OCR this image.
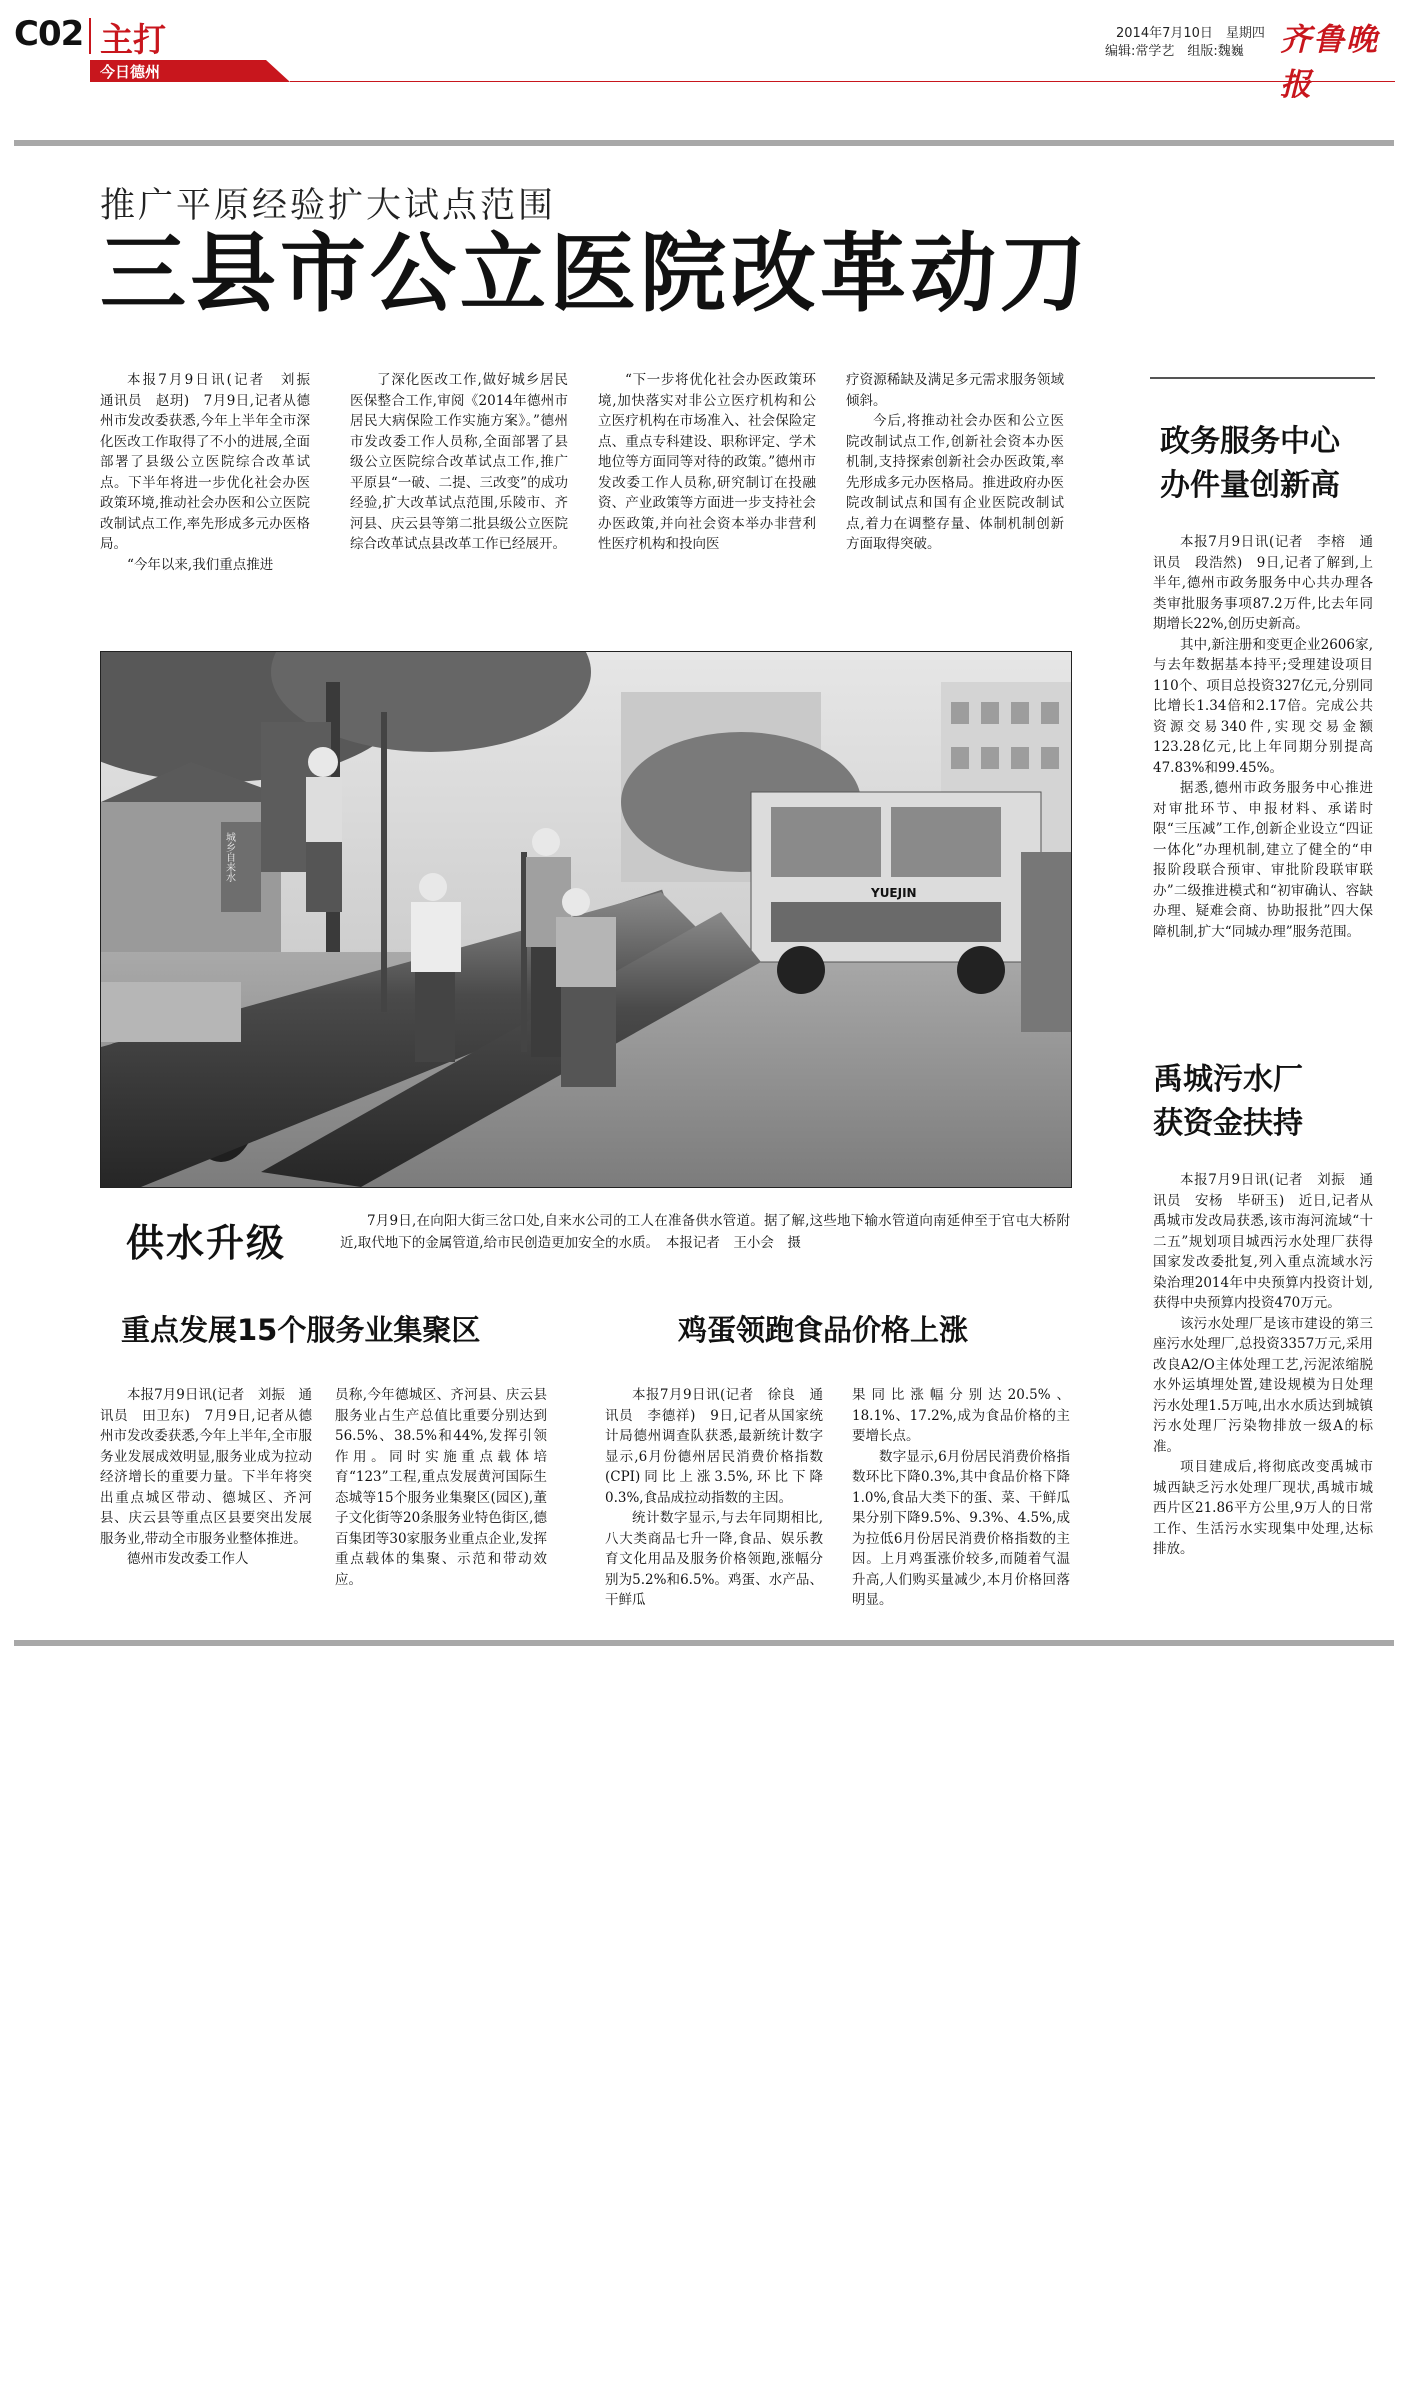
C02 主打
今日德州
2014年7月10日　星期四
编辑:常学艺　组版:魏巍 齐鲁晚报
推广平原经验扩大试点范围
三县市公立医院改革动刀

本报7月9日讯(记者　刘振　通讯员　赵玥)　7月9日,记者从德州市发改委获悉,今年上半年全市深化医改工作取得了不小的进展,全面部署了县级公立医院综合改革试点。下半年将进一步优化社会办医政策环境,推动社会办医和公立医院改制试点工作,率先形成多元办医格局。

“今年以来,我们重点推进

了深化医改工作,做好城乡居民医保整合工作,审阅《2014年德州市居民大病保险工作实施方案》。”德州市发改委工作人员称,全面部署了县级公立医院综合改革试点工作,推广平原县“一破、二提、三改变”的成功经验,扩大改革试点范围,乐陵市、齐河县、庆云县等第二批县级公立医院综合改革试点县改革工作已经展开。

“下一步将优化社会办医政策环境,加快落实对非公立医疗机构和公立医疗机构在市场准入、社会保险定点、重点专科建设、职称评定、学术地位等方面同等对待的政策。”德州市发改委工作人员称,研究制订在投融资、产业政策等方面进一步支持社会办医政策,并向社会资本举办非营利性医疗机构和投向医

疗资源稀缺及满足多元需求服务领域倾斜。

今后,将推动社会办医和公立医院改制试点工作,创新社会资本办医机制,支持探索创新社会办医政策,率先形成多元办医格局。推进政府办医院改制试点和国有企业医院改制试点,着力在调整存量、体制机制创新方面取得突破。

城乡自来水
YUEJIN
供水升级	7月9日,在向阳大街三岔口处,自来水公司的工人在准备供水管道。据了解,这些地下输水管道向南延伸至于官屯大桥附近,取代地下的金属管道,给市民创造更加安全的水质。　本报记者　王小会　摄
重点发展15个服务业集聚区

本报7月9日讯(记者　刘振　通讯员　田卫东)　7月9日,记者从德州市发改委获悉,今年上半年,全市服务业发展成效明显,服务业成为拉动经济增长的重要力量。下半年将突出重点城区带动、德城区、齐河县、庆云县等重点区县要突出发展服务业,带动全市服务业整体推进。

德州市发改委工作人

员称,今年德城区、齐河县、庆云县服务业占生产总值比重要分别达到56.5%、38.5%和44%,发挥引领作用。同时实施重点载体培育“123”工程,重点发展黄河国际生态城等15个服务业集聚区(园区),董子文化街等20条服务业特色街区,德百集团等30家服务业重点企业,发挥重点载体的集聚、示范和带动效应。

鸡蛋领跑食品价格上涨

本报7月9日讯(记者　徐良　通讯员　李德祥)　9日,记者从国家统计局德州调查队获悉,最新统计数字显示,6月份德州居民消费价格指数(CPI)同比上涨3.5%,环比下降0.3%,食品成拉动指数的主因。

统计数字显示,与去年同期相比,八大类商品七升一降,食品、娱乐教育文化用品及服务价格领跑,涨幅分别为5.2%和6.5%。鸡蛋、水产品、干鲜瓜

果同比涨幅分别达20.5%、18.1%、17.2%,成为食品价格的主要增长点。

数字显示,6月份居民消费价格指数环比下降0.3%,其中食品价格下降1.0%,食品大类下的蛋、菜、干鲜瓜果分别下降9.5%、9.3%、4.5%,成为拉低6月份居民消费价格指数的主因。上月鸡蛋涨价较多,而随着气温升高,人们购买量减少,本月价格回落明显。

政务服务中心
办件量创新高

本报7月9日讯(记者　李榕　通讯员　段浩然)　9日,记者了解到,上半年,德州市政务服务中心共办理各类审批服务事项87.2万件,比去年同期增长22%,创历史新高。

其中,新注册和变更企业2606家,与去年数据基本持平;受理建设项目110个、项目总投资327亿元,分别同比增长1.34倍和2.17倍。完成公共资源交易340件,实现交易金额123.28亿元,比上年同期分别提高47.83%和99.45%。

据悉,德州市政务服务中心推进对审批环节、申报材料、承诺时限“三压减”工作,创新企业设立“四证一体化”办理机制,建立了健全的“申报阶段联合预审、审批阶段联审联办”二级推进模式和“初审确认、容缺办理、疑难会商、协助报批”四大保障机制,扩大“同城办理”服务范围。

禹城污水厂
获资金扶持

本报7月9日讯(记者　刘振　通讯员　安杨　毕研玉)　近日,记者从禹城市发改局获悉,该市海河流域“十二五”规划项目城西污水处理厂获得国家发改委批复,列入重点流域水污染治理2014年中央预算内投资计划,获得中央预算内投资470万元。

该污水处理厂是该市建设的第三座污水处理厂,总投资3357万元,采用改良A2/O主体处理工艺,污泥浓缩脱水外运填埋处置,建设规模为日处理污水处理1.5万吨,出水水质达到城镇污水处理厂污染物排放一级A的标准。

项目建成后,将彻底改变禹城市城西缺乏污水处理厂现状,禹城市城西片区21.86平方公里,9万人的日常工作、生活污水实现集中处理,达标排放。
